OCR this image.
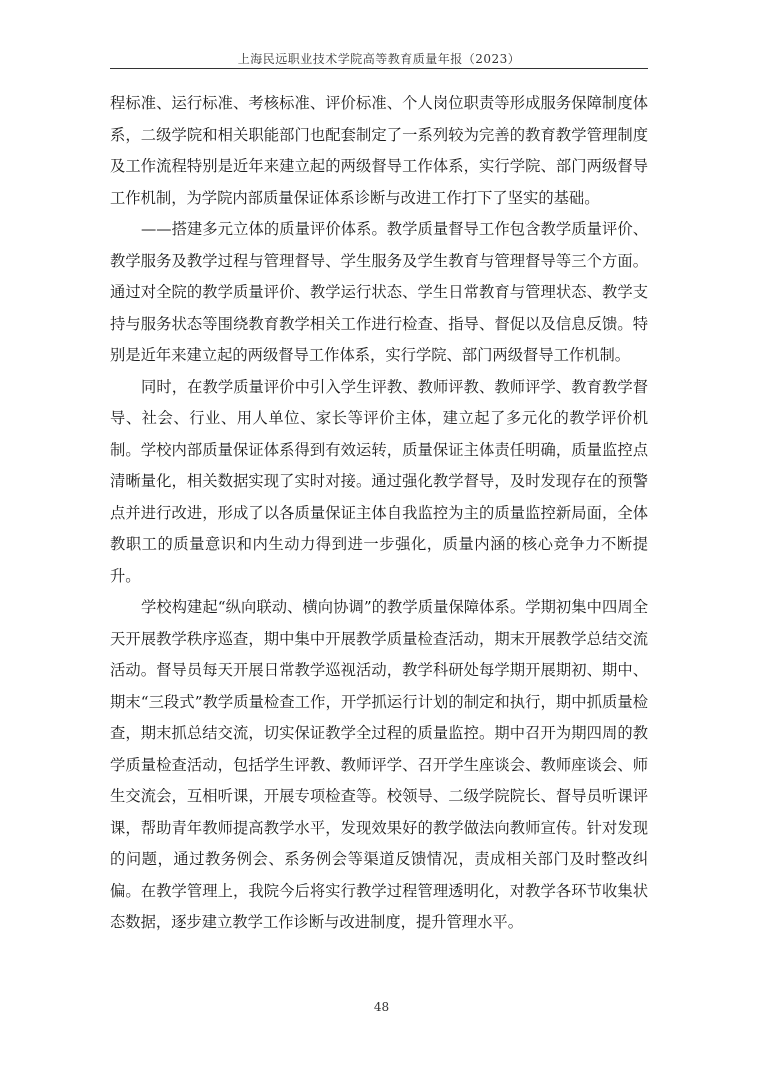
上海民远职业技术学院高等教育质量年报（2023）

程标准、运行标准、考核标准、评价标准、个人岗位职责等形成服务保障制度体系，二级学院和相关职能部门也配套制定了一系列较为完善的教育教学管理制度及工作流程特别是近年来建立起的两级督导工作体系，实行学院、部门两级督导工作机制，为学院内部质量保证体系诊断与改进工作打下了坚实的基础。

——搭建多元立体的质量评价体系。教学质量督导工作包含教学质量评价、教学服务及教学过程与管理督导、学生服务及学生教育与管理督导等三个方面。通过对全院的教学质量评价、教学运行状态、学生日常教育与管理状态、教学支持与服务状态等围绕教育教学相关工作进行检查、指导、督促以及信息反馈。特别是近年来建立起的两级督导工作体系，实行学院、部门两级督导工作机制。

同时，在教学质量评价中引入学生评教、教师评教、教师评学、教育教学督导、社会、行业、用人单位、家长等评价主体，建立起了多元化的教学评价机制。学校内部质量保证体系得到有效运转，质量保证主体责任明确，质量监控点清晰量化，相关数据实现了实时对接。通过强化教学督导，及时发现存在的预警点并进行改进，形成了以各质量保证主体自我监控为主的质量监控新局面，全体教职工的质量意识和内生动力得到进一步强化，质量内涵的核心竞争力不断提升。

学校构建起“纵向联动、横向协调”的教学质量保障体系。学期初集中四周全天开展教学秩序巡查，期中集中开展教学质量检查活动，期末开展教学总结交流活动。督导员每天开展日常教学巡视活动，教学科研处每学期开展期初、期中、期末“三段式”教学质量检查工作，开学抓运行计划的制定和执行，期中抓质量检查，期末抓总结交流，切实保证教学全过程的质量监控。期中召开为期四周的教学质量检查活动，包括学生评教、教师评学、召开学生座谈会、教师座谈会、师生交流会，互相听课，开展专项检查等。校领导、二级学院院长、督导员听课评课，帮助青年教师提高教学水平，发现效果好的教学做法向教师宣传。针对发现的问题，通过教务例会、系务例会等渠道反馈情况，责成相关部门及时整改纠偏。在教学管理上，我院今后将实行教学过程管理透明化，对教学各环节收集状态数据，逐步建立教学工作诊断与改进制度，提升管理水平。

48
